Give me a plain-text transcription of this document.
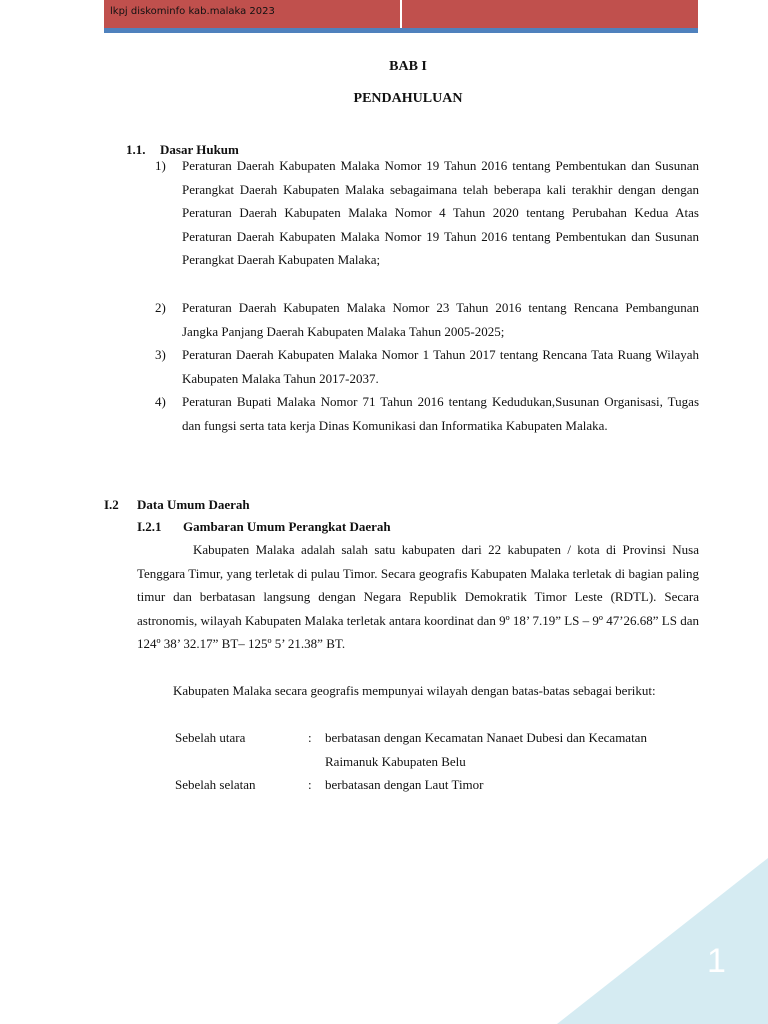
lkpj diskominfo kab.malaka 2023
BAB I
PENDAHULUAN
1.1. Dasar Hukum
1)	Peraturan Daerah Kabupaten Malaka Nomor 19 Tahun 2016 tentang Pembentukan dan Susunan Perangkat Daerah Kabupaten Malaka sebagaimana telah beberapa kali terakhir dengan dengan Peraturan Daerah Kabupaten Malaka Nomor 4 Tahun 2020 tentang Perubahan Kedua Atas Peraturan Daerah Kabupaten Malaka Nomor 19 Tahun 2016 tentang Pembentukan dan Susunan Perangkat Daerah Kabupaten Malaka;
2)	Peraturan Daerah Kabupaten Malaka Nomor 23 Tahun 2016 tentang Rencana Pembangunan Jangka Panjang Daerah Kabupaten Malaka Tahun 2005-2025;
3)	Peraturan Daerah Kabupaten Malaka Nomor 1 Tahun 2017 tentang Rencana Tata Ruang Wilayah Kabupaten Malaka Tahun 2017-2037.
4)	Peraturan Bupati Malaka Nomor 71 Tahun 2016 tentang Kedudukan,Susunan Organisasi, Tugas dan fungsi serta tata kerja Dinas Komunikasi dan Informatika Kabupaten Malaka.
I.2 Data Umum Daerah
I.2.1 Gambaran Umum Perangkat Daerah
Kabupaten Malaka adalah salah satu kabupaten dari 22 kabupaten / kota di Provinsi Nusa Tenggara Timur, yang terletak di pulau Timor. Secara geografis Kabupaten Malaka terletak di bagian paling timur dan berbatasan langsung dengan Negara Republik Demokratik Timor Leste (RDTL). Secara astronomis, wilayah Kabupaten Malaka terletak antara koordinat dan 9º 18’ 7.19” LS – 9º 47’26.68” LS dan 124º 38’ 32.17” BT– 125º 5’ 21.38” BT.
Kabupaten Malaka secara geografis mempunyai wilayah dengan batas-batas sebagai berikut:
Sebelah utara	: berbatasan dengan Kecamatan Nanaet Dubesi dan Kecamatan Raimanuk Kabupaten Belu
Sebelah selatan	: berbatasan dengan Laut Timor
1
